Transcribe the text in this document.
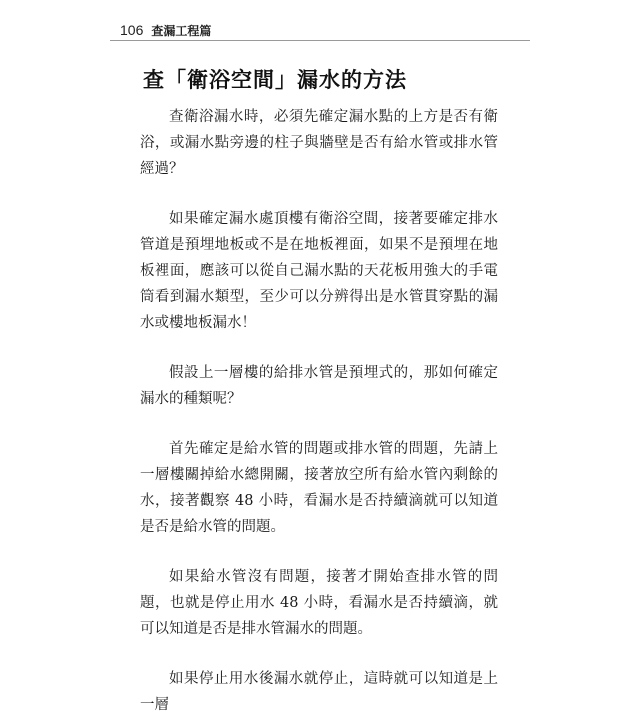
106 查漏工程篇
查「衛浴空間」漏水的方法

查衛浴漏水時，必須先確定漏水點的上方是否有衛浴，或漏水點旁邊的柱子與牆壁是否有給水管或排水管經過？

如果確定漏水處頂樓有衛浴空間，接著要確定排水管道是預埋地板或不是在地板裡面，如果不是預埋在地板裡面，應該可以從自己漏水點的天花板用強大的手電筒看到漏水類型，至少可以分辨得出是水管貫穿點的漏水或樓地板漏水！

假設上一層樓的給排水管是預埋式的，那如何確定漏水的種類呢？

首先確定是給水管的問題或排水管的問題，先請上一層樓關掉給水總開關，接著放空所有給水管內剩餘的水，接著觀察 48 小時，看漏水是否持續滴就可以知道是否是給水管的問題。

如果給水管沒有問題，接著才開始查排水管的問題，也就是停止用水 48 小時，看漏水是否持續滴，就可以知道是否是排水管漏水的問題。

如果停止用水後漏水就停止，這時就可以知道是上一層
